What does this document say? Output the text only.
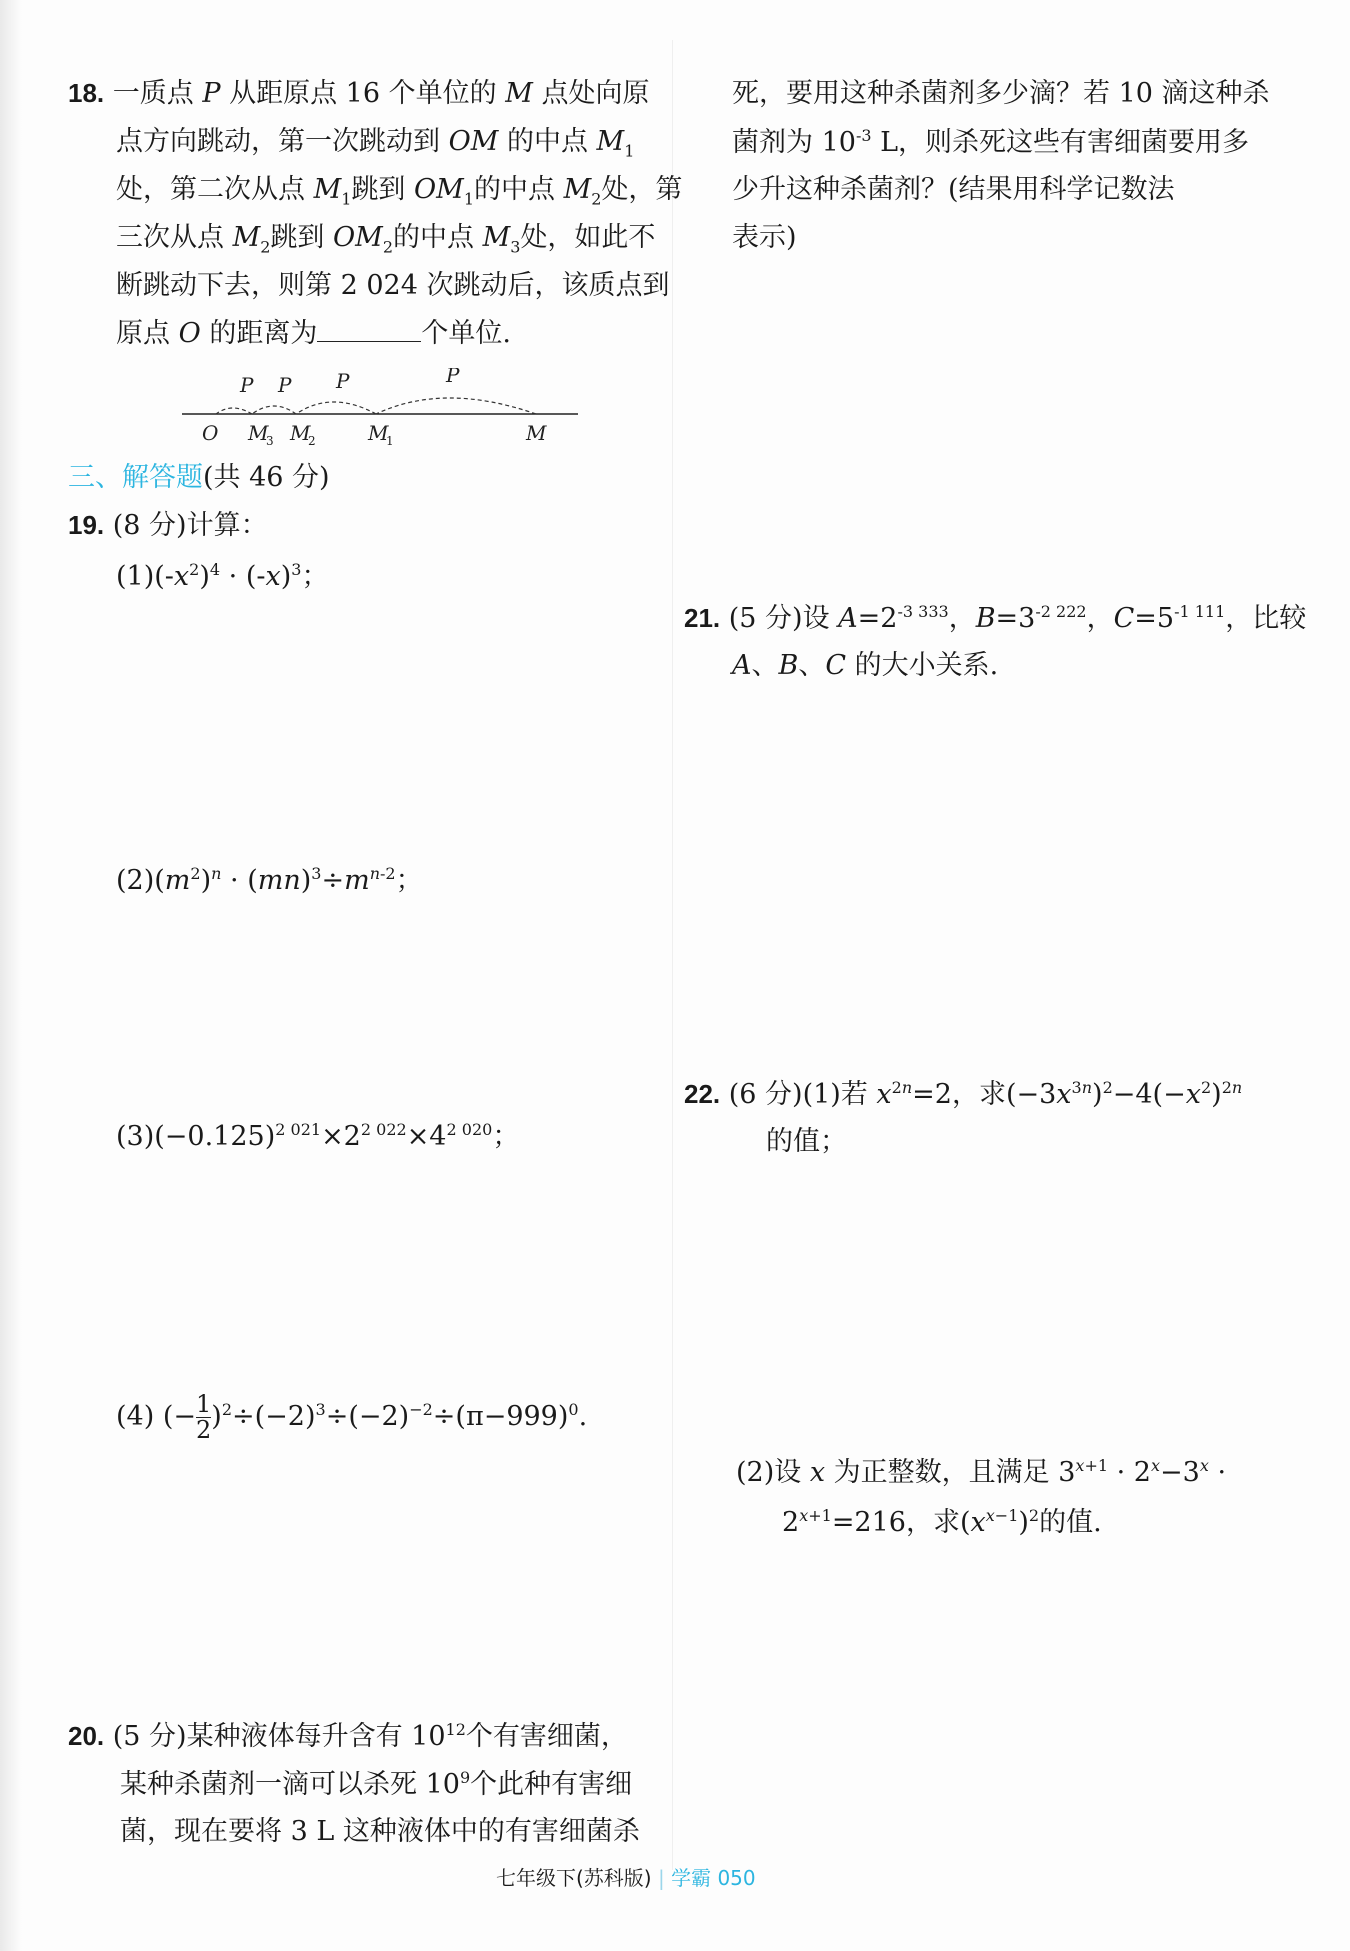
18. 一质点 P 从距原点 16 个单位的 M 点处向原
点方向跳动，第一次跳动到 OM 的中点 $M_1$
处，第二次从点 $M_1$跳到 $OM_1$的中点 $M_2$处，第
三次从点 $M_2$跳到 $OM_2$的中点 $M_3$处，如此不
断跳动下去，则第 2 024 次跳动后，该质点到
原点 O 的距离为	个单位.
O M
3 M
2	M
1	M
P P P	P
三、解答题(共 46 分)
19. (8 分)计算：
$(1)(-x^2)^4 \cdot (-x)^3$；
$(2)(m^2)^n \cdot (mn)^3\div m^{n-2}$；
$(3)(-0.125)^{2 021}\times 2^{2 022}\times 4^{2 020}$；
(4) (− $\frac{1}{2} )^2\div(-2)^3\div(-2)^{-2}\div(\pi-999)^0$.
20. (5 分)某种液体每升含有 $10^{12}$个有害细菌，
某种杀菌剂一滴可以杀死 $10^9$个此种有害细
菌，现在要将 3 L 这种液体中的有害细菌杀
死，要用这种杀菌剂多少滴？若 10 滴这种杀
菌剂为 $10^{-3}$ L，则杀死这些有害细菌要用多
少升这种杀菌剂？(结果用科学记数法
表示)
21. (5 分)设 $A=2^{-3 333}$，$B=3^{-2 222}$，$C=5^{-1 111}$，比较
A、B、C 的大小关系.
22. (6 分)(1)若 $x^{2n}=2$，求$(-3x^{3n})^2-4(-x^2)^{2n}$
的值；
(2)设 x 为正整数，且满足 $3^{x+1} \cdot 2^x-3^x$ ·
$2^{x+1}=216$，求$(x^{x-1})^2$的值.
七年级下(苏科版) | 学霸 050
